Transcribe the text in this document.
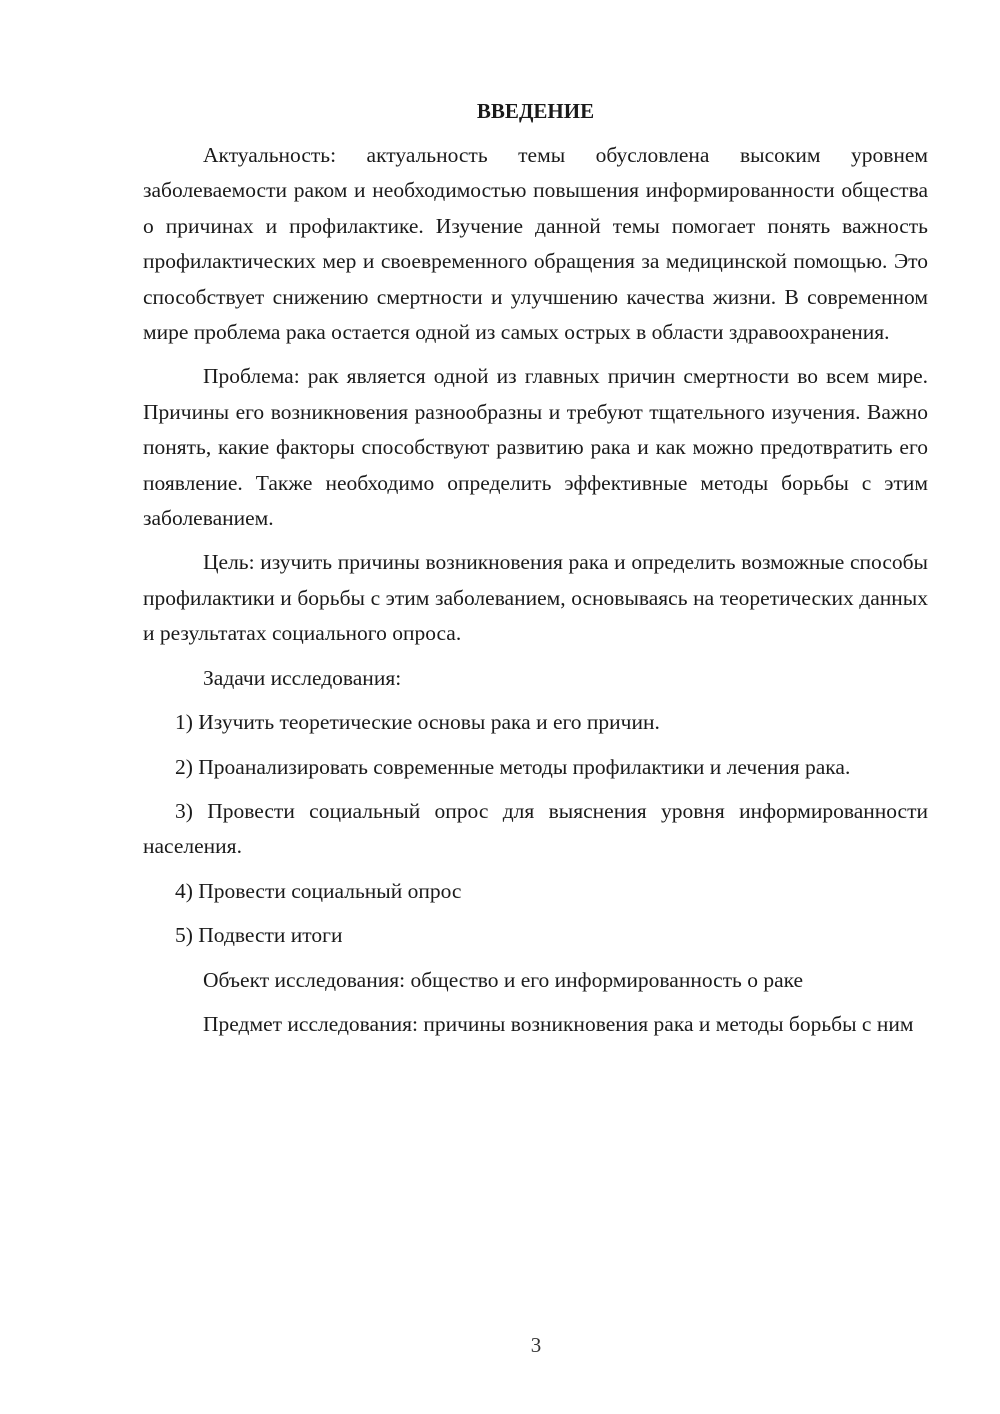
ВВЕДЕНИЕ

Актуальность: актуальность темы обусловлена высоким уровнем заболеваемости раком и необходимостью повышения информированности общества о причинах и профилактике. Изучение данной темы помогает понять важность профилактических мер и своевременного обращения за медицинской помощью. Это способствует снижению смертности и улучшению качества жизни. В современном мире проблема рака остается одной из самых острых в области здравоохранения.

Проблема: рак является одной из главных причин смертности во всем мире. Причины его возникновения разнообразны и требуют тщательного изучения. Важно понять, какие факторы способствуют развитию рака и как можно предотвратить его появление. Также необходимо определить эффективные методы борьбы с этим заболеванием.

Цель: изучить причины возникновения рака и определить возможные способы профилактики и борьбы с этим заболеванием, основываясь на теоретических данных и результатах социального опроса.

Задачи исследования:

1) Изучить теоретические основы рака и его причин.

2) Проанализировать современные методы профилактики и лечения рака.

3) Провести социальный опрос для выяснения уровня информированности населения.

4) Провести социальный опрос

5) Подвести итоги

Объект исследования: общество и его информированность о раке

Предмет исследования: причины возникновения рака и методы борьбы с ним

3
